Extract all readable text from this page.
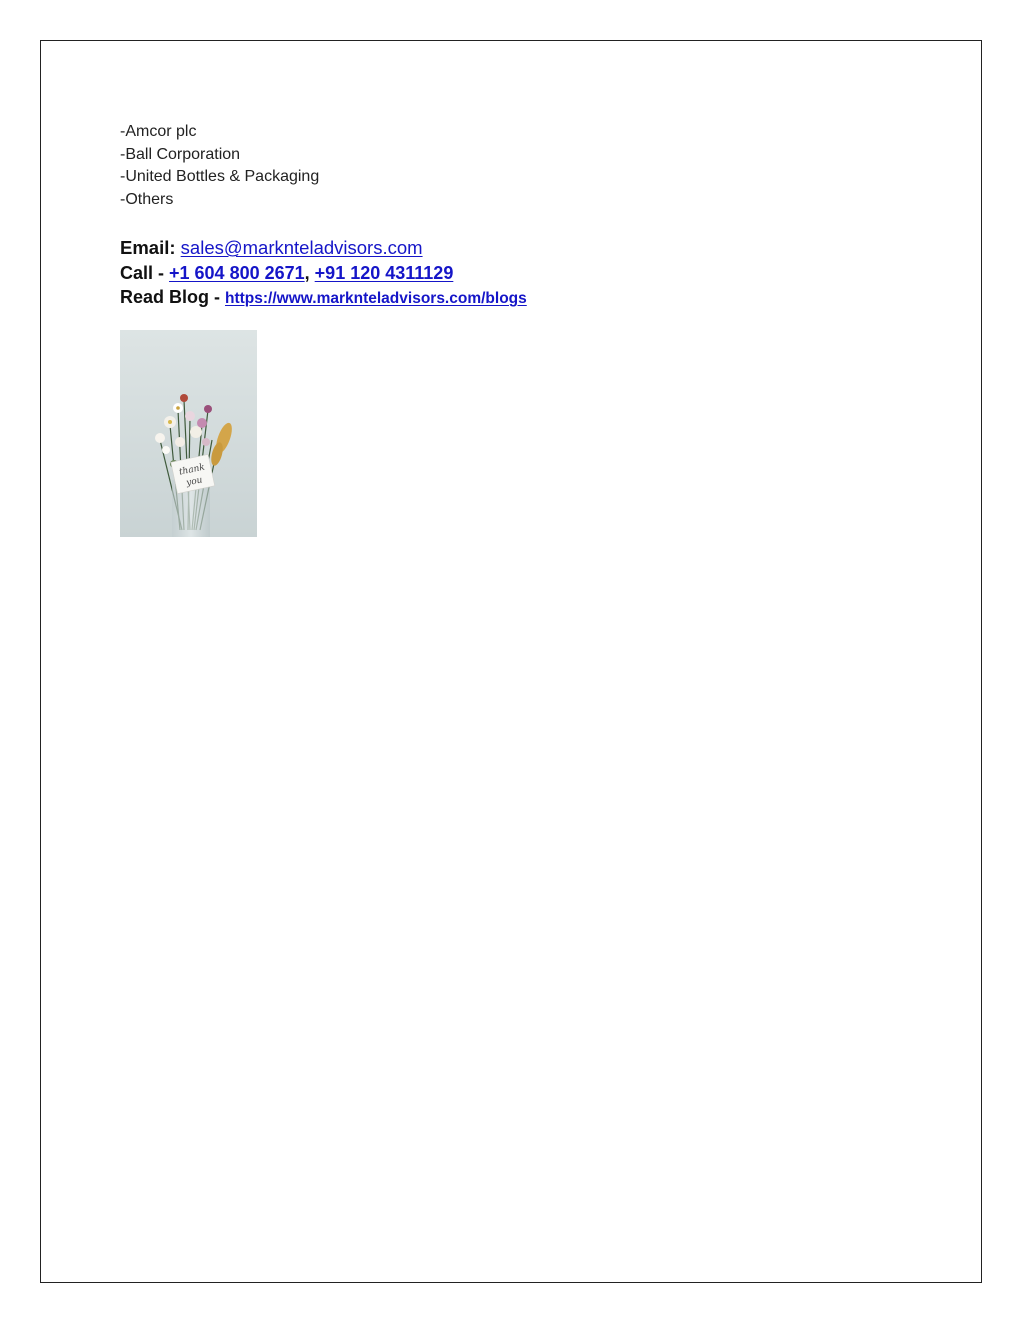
-Amcor plc
-Ball Corporation
-United Bottles & Packaging
-Others
Email: sales@marknteladvisors.com
Call - +1 604 800 2671, +91 120 4311129
Read Blog - https://www.marknteladvisors.com/blogs
thank
you
